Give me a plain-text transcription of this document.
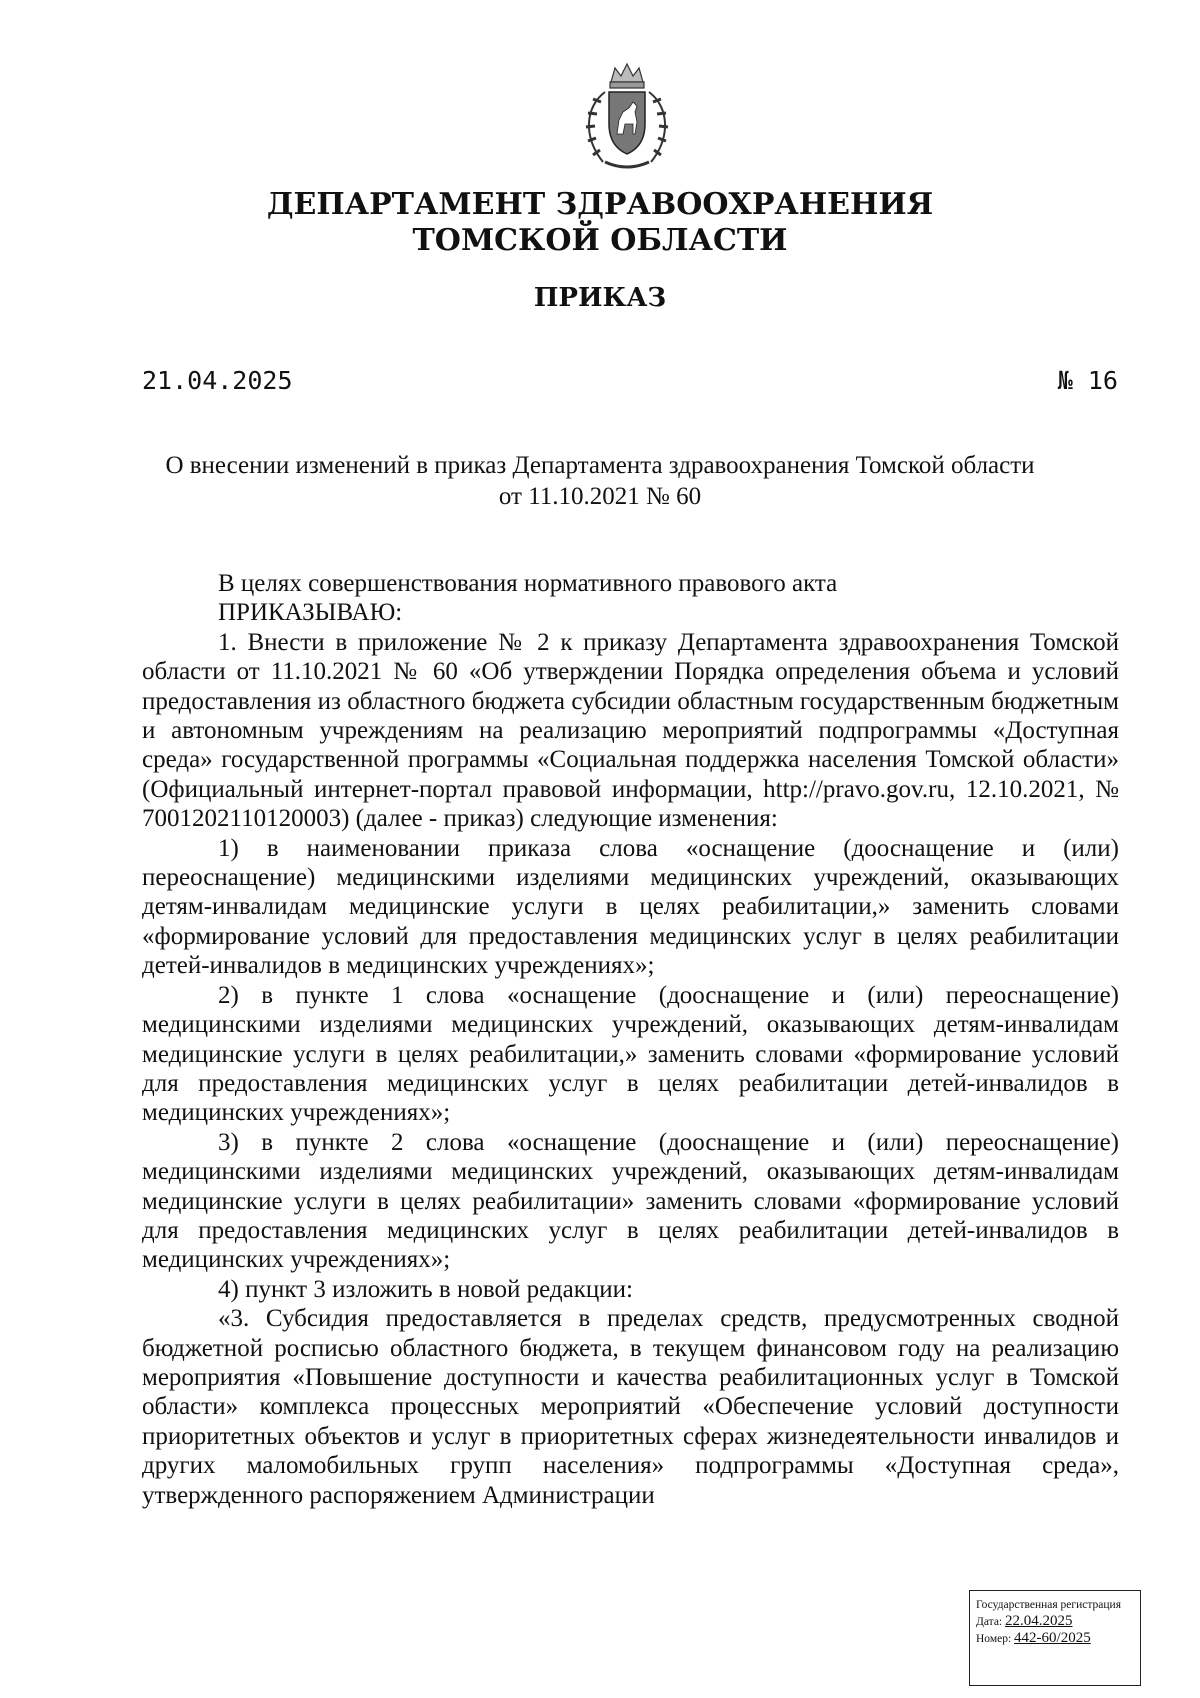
ДЕПАРТАМЕНТ ЗДРАВООХРАНЕНИЯ
ТОМСКОЙ ОБЛАСТИ
ПРИКАЗ
21.04.2025	№ 16
О внесении изменений в приказ Департамента здравоохранения Томской области
от 11.10.2021 № 60

В целях совершенствования нормативного правового акта

ПРИКАЗЫВАЮ:

1. Внести в приложение № 2 к приказу Департамента здравоохранения Томской области от 11.10.2021 № 60 «Об утверждении Порядка определения объема и условий предоставления из областного бюджета субсидии областным государственным бюджетным и автономным учреждениям на реализацию мероприятий подпрограммы «Доступная среда» государственной программы «Социальная поддержка населения Томской области» (Официальный интернет-портал правовой информации, http://pravo.gov.ru, 12.10.2021, № 7001202110120003) (далее - приказ) следующие изменения:

1) в наименовании приказа слова «оснащение (дооснащение и (или) переоснащение) медицинскими изделиями медицинских учреждений, оказывающих детям-инвалидам медицинские услуги в целях реабилитации,» заменить словами «формирование условий для предоставления медицинских услуг в целях реабилитации детей-инвалидов в медицинских учреждениях»;

2) в пункте 1 слова «оснащение (дооснащение и (или) переоснащение) медицинскими изделиями медицинских учреждений, оказывающих детям-инвалидам медицинские услуги в целях реабилитации,» заменить словами «формирование условий для предоставления медицинских услуг в целях реабилитации детей-инвалидов в медицинских учреждениях»;

3) в пункте 2 слова «оснащение (дооснащение и (или) переоснащение) медицинскими изделиями медицинских учреждений, оказывающих детям-инвалидам медицинские услуги в целях реабилитации» заменить словами «формирование условий для предоставления медицинских услуг в целях реабилитации детей-инвалидов в медицинских учреждениях»;

4) пункт 3 изложить в новой редакции:

«3. Субсидия предоставляется в пределах средств, предусмотренных сводной бюджетной росписью областного бюджета, в текущем финансовом году на реализацию мероприятия «Повышение доступности и качества реабилитационных услуг в Томской области» комплекса процессных мероприятий «Обеспечение условий доступности приоритетных объектов и услуг в приоритетных сферах жизнедеятельности инвалидов и других маломобильных групп населения» подпрограммы «Доступная среда», утвержденного распоряжением Администрации

Государственная регистрация
Дата: 22.04.2025
Номер: 442-60/2025
